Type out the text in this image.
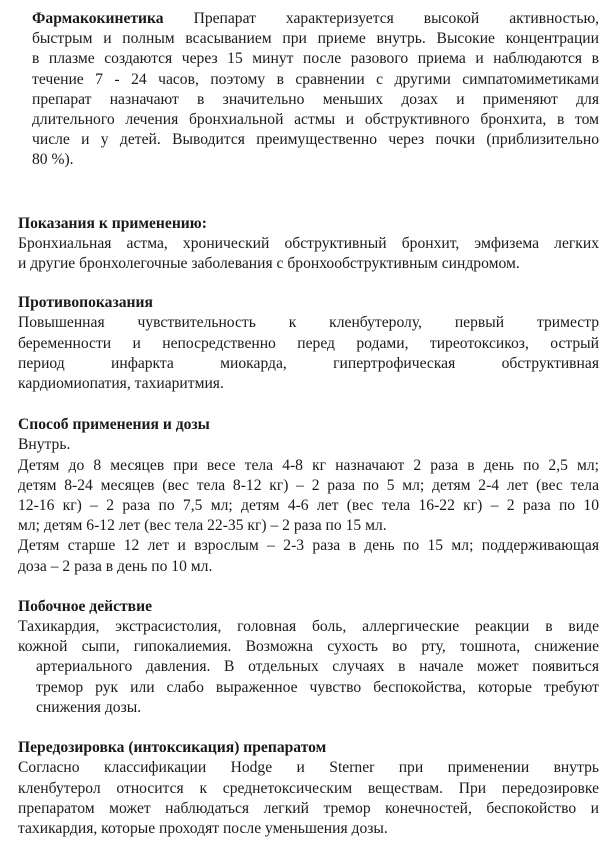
Фармакокинетика Препарат характеризуется высокой активностью,
быстрым и полным всасыванием при приеме внутрь. Высокие концентрации
в плазме создаются через 15 минут после разового приема и наблюдаются в
течение 7 - 24 часов, поэтому в сравнении с другими симпатомиметиками
препарат назначают в значительно меньших дозах и применяют для
длительного лечения бронхиальной астмы и обструктивного бронхита, в том
числе и у детей. Выводится преимущественно через почки (приблизительно
80 %).
Показания к применению:
Бронхиальная астма, хронический обструктивный бронхит, эмфизема легких
и другие бронхолегочные заболевания с бронхообструктивным синдромом.
Противопоказания
Повышенная чувствительность к кленбутеролу, первый триместр
беременности и непосредственно перед родами, тиреотоксикоз, острый
период инфаркта миокарда, гипертрофическая обструктивная
кардиомиопатия, тахиаритмия.
Способ применения и дозы
Внутрь.
Детям до 8 месяцев при весе тела 4-8 кг назначают 2 раза в день по 2,5 мл;
детям 8-24 месяцев (вес тела 8-12 кг) – 2 раза по 5 мл; детям 2-4 лет (вес тела
12-16 кг) – 2 раза по 7,5 мл; детям 4-6 лет (вес тела 16-22 кг) – 2 раза по 10
мл; детям 6-12 лет (вес тела 22-35 кг) – 2 раза по 15 мл.
Детям старше 12 лет и взрослым – 2-3 раза в день по 15 мл; поддерживающая
доза – 2 раза в день по 10 мл.
Побочное действие
Тахикардия, экстрасистолия, головная боль, аллергические реакции в виде
кожной сыпи, гипокалиемия. Возможна сухость во рту, тошнота, снижение
артериального давления. В отдельных случаях в начале может появиться
тремор рук или слабо выраженное чувство беспокойства, которые требуют
снижения дозы.
Передозировка (интоксикация) препаратом
Согласно классификации Hodge и Sterner при применении внутрь
кленбутерол относится к среднетоксическим веществам. При передозировке
препаратом может наблюдаться легкий тремор конечностей, беспокойство и
тахикардия, которые проходят после уменьшения дозы.
